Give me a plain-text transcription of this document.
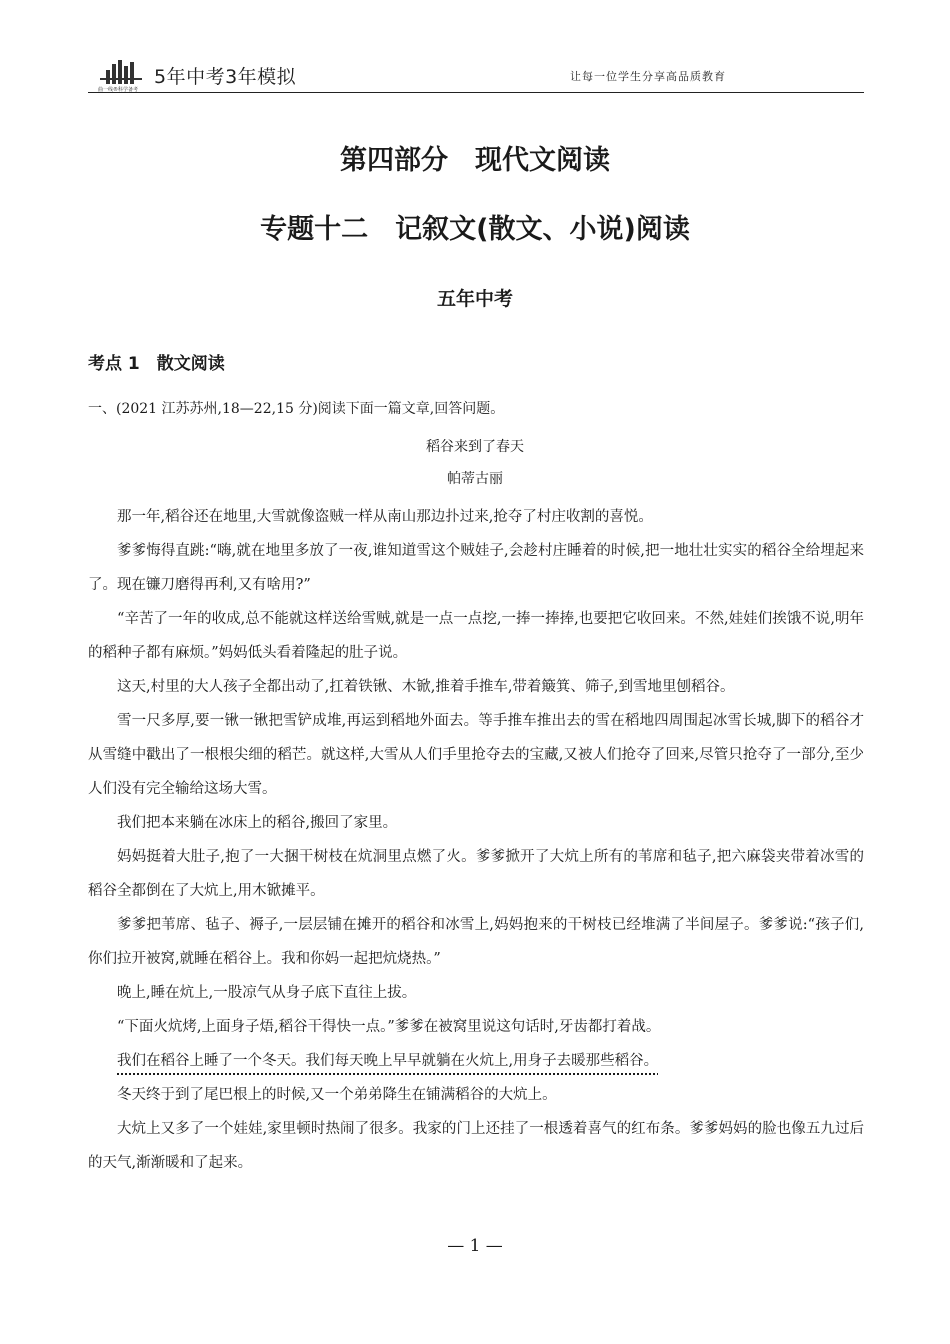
曲一线®科学备考
5年中考3年模拟	让每一位学生分享高品质教育
第四部分　现代文阅读
专题十二　记叙文(散文、小说)阅读
五年中考
考点 1　散文阅读
一、(2021 江苏苏州,18—22,15 分)阅读下面一篇文章,回答问题。
稻谷来到了春天
帕蒂古丽

那一年,稻谷还在地里,大雪就像盗贼一样从南山那边扑过来,抢夺了村庄收割的喜悦。

爹爹悔得直跳:“嗨,就在地里多放了一夜,谁知道雪这个贼娃子,会趁村庄睡着的时候,把一地壮壮实实的稻谷全给埋起来了。现在镰刀磨得再利,又有啥用?”

“辛苦了一年的收成,总不能就这样送给雪贼,就是一点一点挖,一捧一捧捧,也要把它收回来。不然,娃娃们挨饿不说,明年的稻种子都有麻烦。”妈妈低头看着隆起的肚子说。

这天,村里的大人孩子全都出动了,扛着铁锹、木锨,推着手推车,带着簸箕、筛子,到雪地里刨稻谷。

雪一尺多厚,要一锹一锹把雪铲成堆,再运到稻地外面去。等手推车推出去的雪在稻地四周围起冰雪长城,脚下的稻谷才从雪缝中戳出了一根根尖细的稻芒。就这样,大雪从人们手里抢夺去的宝藏,又被人们抢夺了回来,尽管只抢夺了一部分,至少人们没有完全输给这场大雪。

我们把本来躺在冰床上的稻谷,搬回了家里。

妈妈挺着大肚子,抱了一大捆干树枝在炕洞里点燃了火。爹爹掀开了大炕上所有的苇席和毡子,把六麻袋夹带着冰雪的稻谷全都倒在了大炕上,用木锨摊平。

爹爹把苇席、毡子、褥子,一层层铺在摊开的稻谷和冰雪上,妈妈抱来的干树枝已经堆满了半间屋子。爹爹说:“孩子们,你们拉开被窝,就睡在稻谷上。我和你妈一起把炕烧热。”

晚上,睡在炕上,一股凉气从身子底下直往上拔。

“下面火炕烤,上面身子焐,稻谷干得快一点。”爹爹在被窝里说这句话时,牙齿都打着战。

我们在稻谷上睡了一个冬天。我们每天晚上早早就躺在火炕上,用身子去暖那些稻谷。

冬天终于到了尾巴根上的时候,又一个弟弟降生在铺满稻谷的大炕上。

大炕上又多了一个娃娃,家里顿时热闹了很多。我家的门上还挂了一根透着喜气的红布条。爹爹妈妈的脸也像五九过后的天气,渐渐暖和了起来。

— 1 —
